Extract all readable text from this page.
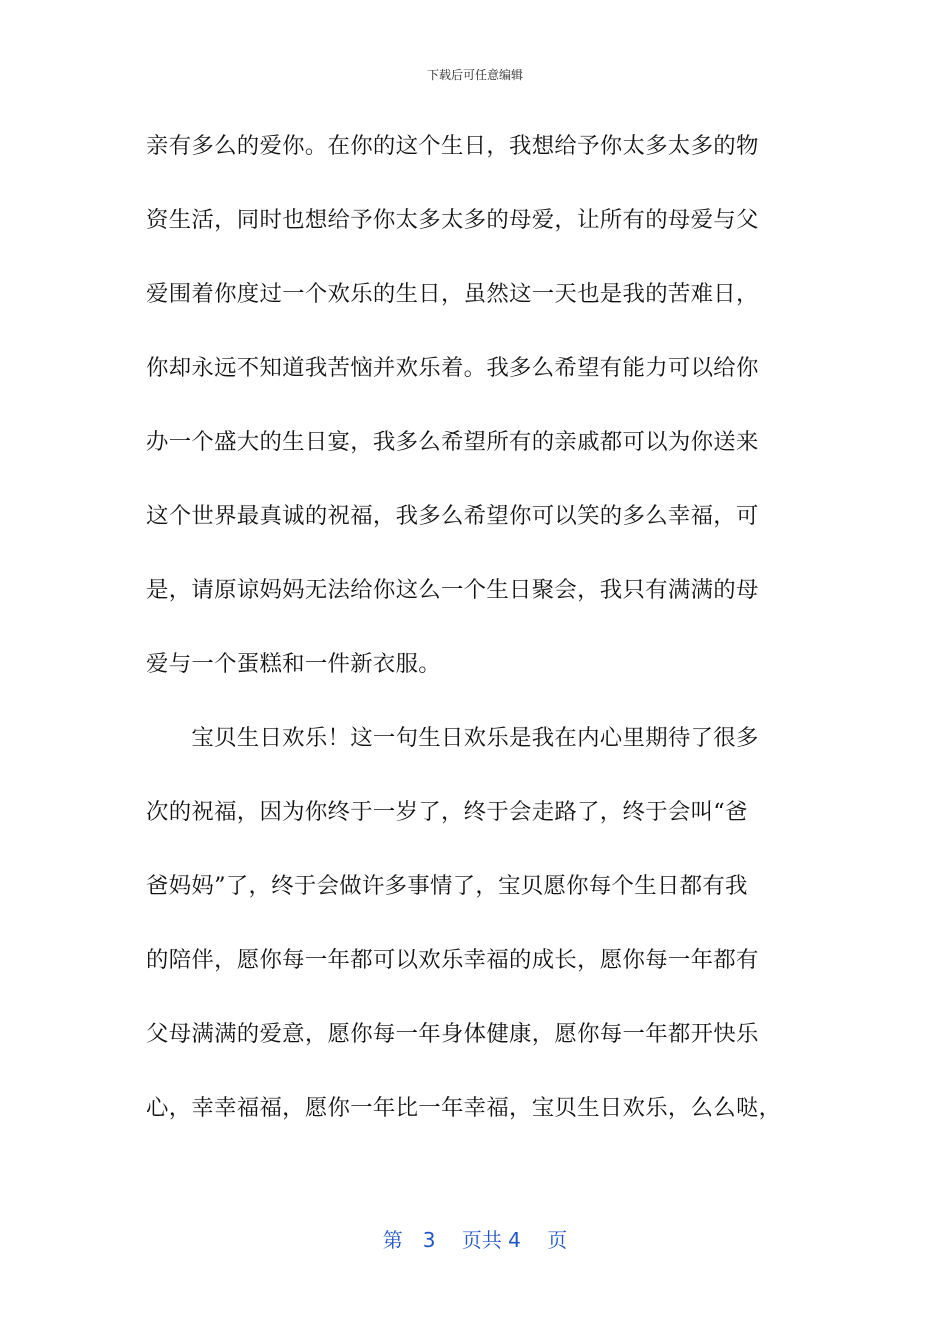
下载后可任意编辑
亲有多么的爱你。在你的这个生日，我想给予你太多太多的物
资生活，同时也想给予你太多太多的母爱，让所有的母爱与父
爱围着你度过一个欢乐的生日，虽然这一天也是我的苦难日，
你却永远不知道我苦恼并欢乐着。我多么希望有能力可以给你
办一个盛大的生日宴，我多么希望所有的亲戚都可以为你送来
这个世界最真诚的祝福，我多么希望你可以笑的多么幸福，可
是，请原谅妈妈无法给你这么一个生日聚会，我只有满满的母
爱与一个蛋糕和一件新衣服。
　　宝贝生日欢乐！这一句生日欢乐是我在内心里期待了很多
次的祝福，因为你终于一岁了，终于会走路了，终于会叫“爸
爸妈妈”了，终于会做许多事情了，宝贝愿你每个生日都有我
的陪伴，愿你每一年都可以欢乐幸福的成长，愿你每一年都有
父母满满的爱意，愿你每一年身体健康，愿你每一年都开快乐
心，幸幸福福，愿你一年比一年幸福，宝贝生日欢乐，么么哒，
第　3　 页共 4 　页
